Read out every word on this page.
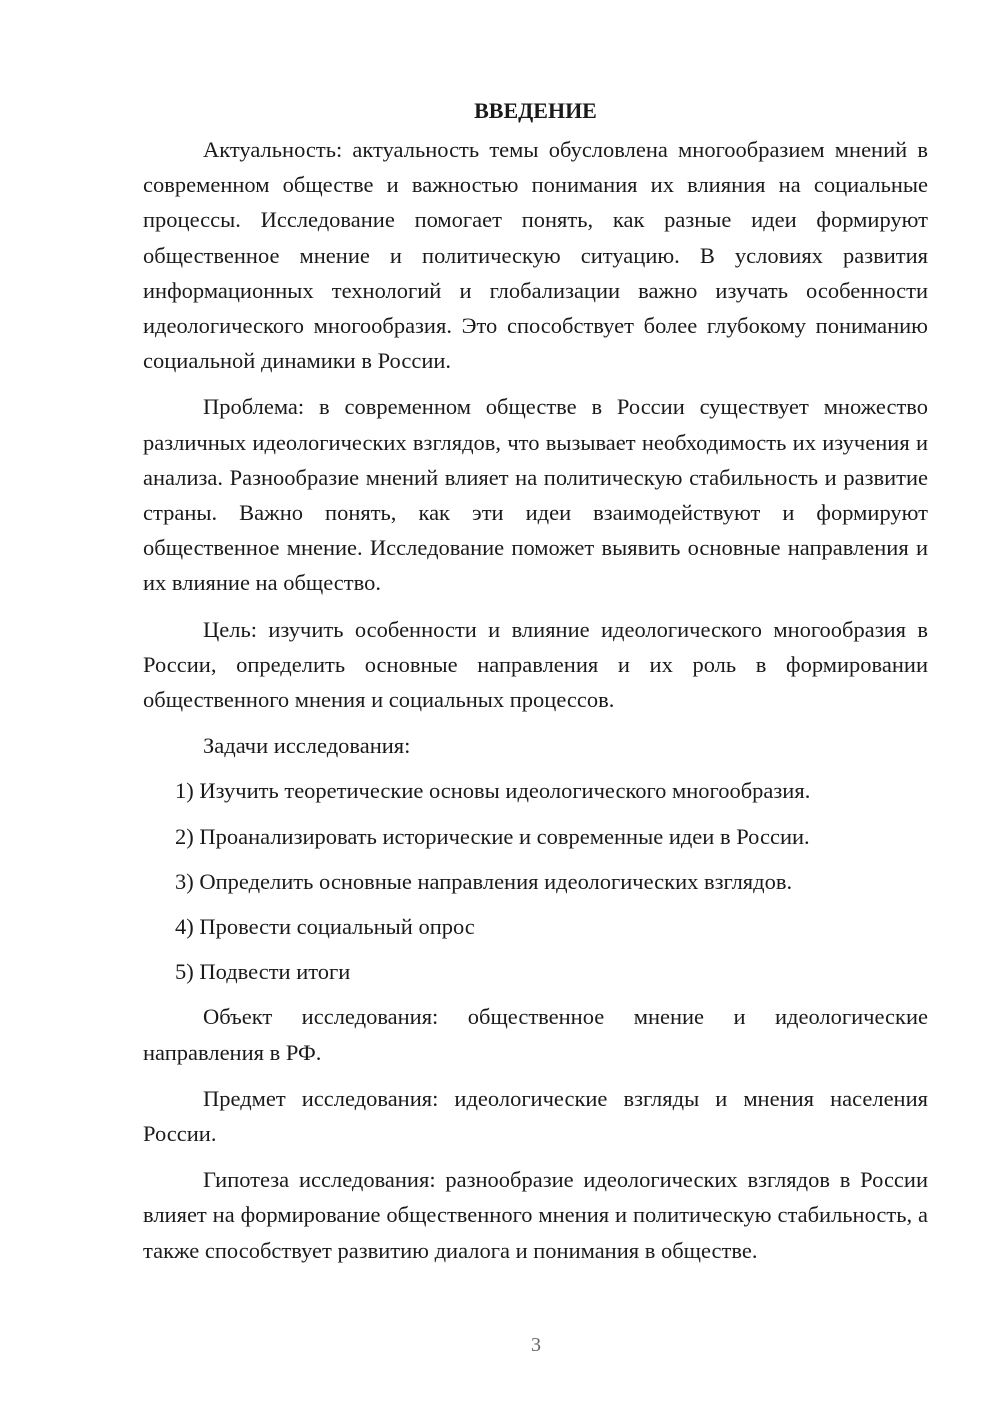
ВВЕДЕНИЕ

Актуальность: актуальность темы обусловлена многообразием мнений в современном обществе и важностью понимания их влияния на социальные процессы. Исследование помогает понять, как разные идеи формируют общественное мнение и политическую ситуацию. В условиях развития информационных технологий и глобализации важно изучать особенности идеологического многообразия. Это способствует более глубокому пониманию социальной динамики в России.

Проблема: в современном обществе в России существует множество различных идеологических взглядов, что вызывает необходимость их изучения и анализа. Разнообразие мнений влияет на политическую стабильность и развитие страны. Важно понять, как эти идеи взаимодействуют и формируют общественное мнение. Исследование поможет выявить основные направления и их влияние на общество.

Цель: изучить особенности и влияние идеологического многообразия в России, определить основные направления и их роль в формировании общественного мнения и социальных процессов.

Задачи исследования:

1) Изучить теоретические основы идеологического многообразия.

2) Проанализировать исторические и современные идеи в России.

3) Определить основные направления идеологических взглядов.

4) Провести социальный опрос

5) Подвести итоги

Объект исследования: общественное мнение и идеологические направления в РФ.

Предмет исследования: идеологические взгляды и мнения населения России.

Гипотеза исследования: разнообразие идеологических взглядов в России влияет на формирование общественного мнения и политическую стабильность, а также способствует развитию диалога и понимания в обществе.

3
